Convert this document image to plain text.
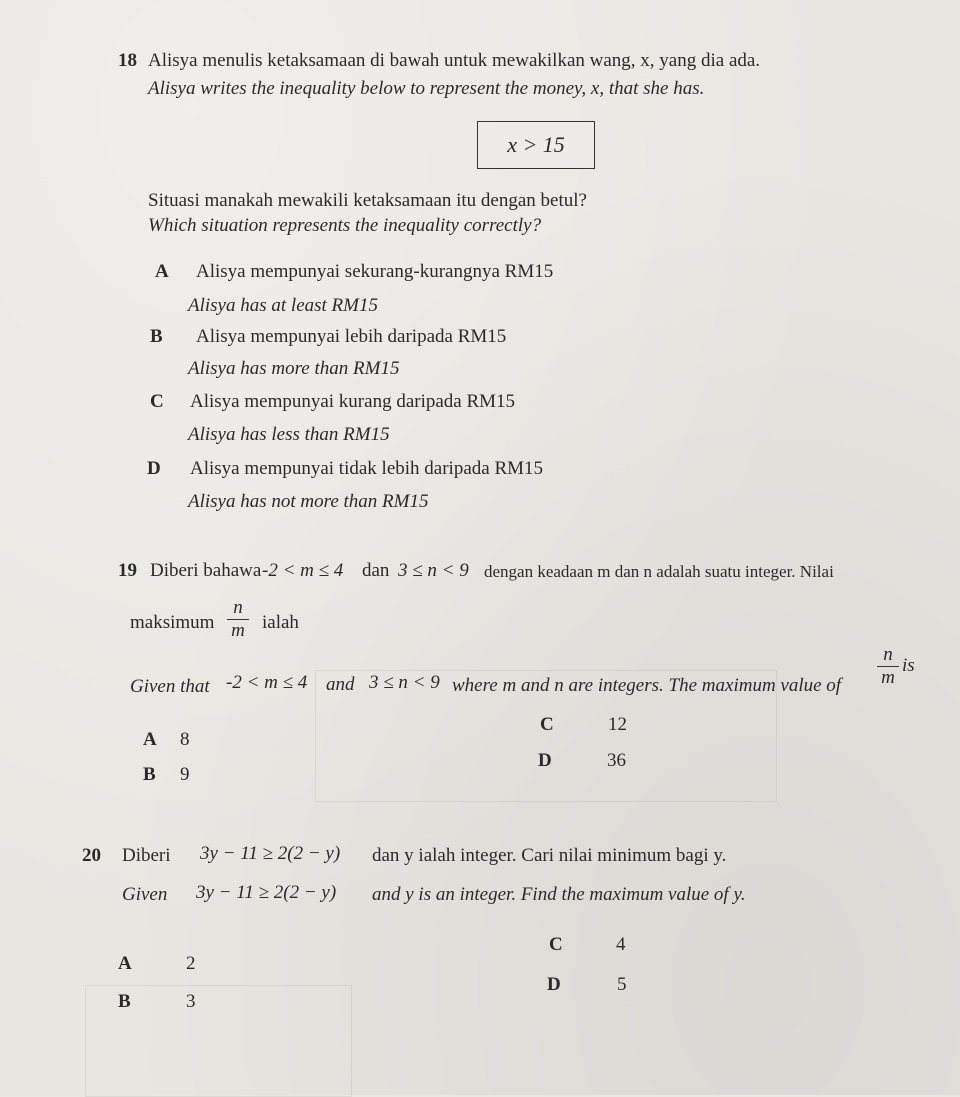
18 Alisya menulis ketaksamaan di bawah untuk mewakilkan wang, x, yang dia ada.
Alisya writes the inequality below to represent the money, x, that she has.
x > 15
Situasi manakah mewakili ketaksamaan itu dengan betul?
Which situation represents the inequality correctly?
A Alisya mempunyai sekurang-kurangnya RM15
Alisya has at least RM15
B Alisya mempunyai lebih daripada RM15
Alisya has more than RM15
C Alisya mempunyai kurang daripada RM15
Alisya has less than RM15
D Alisya mempunyai tidak lebih daripada RM15
Alisya has not more than RM15
19 Diberi bahawa -2 < m ≤ 4 dan 3 ≤ n < 9 dengan keadaan m dan n adalah suatu integer. Nilai
maksimum
n
m ialah
Given that -2 < m ≤ 4 and 3 ≤ n < 9 where m and n are integers. The maximum value of
n
m
is
A 8
B 9
C	12
D	36
20 Diberi 3y − 11 ≥ 2(2 − y) dan y ialah integer. Cari nilai minimum bagi y.
Given 3y − 11 ≥ 2(2 − y) and y is an integer. Find the maximum value of y.
A	2
B	3
C	4
D	5
